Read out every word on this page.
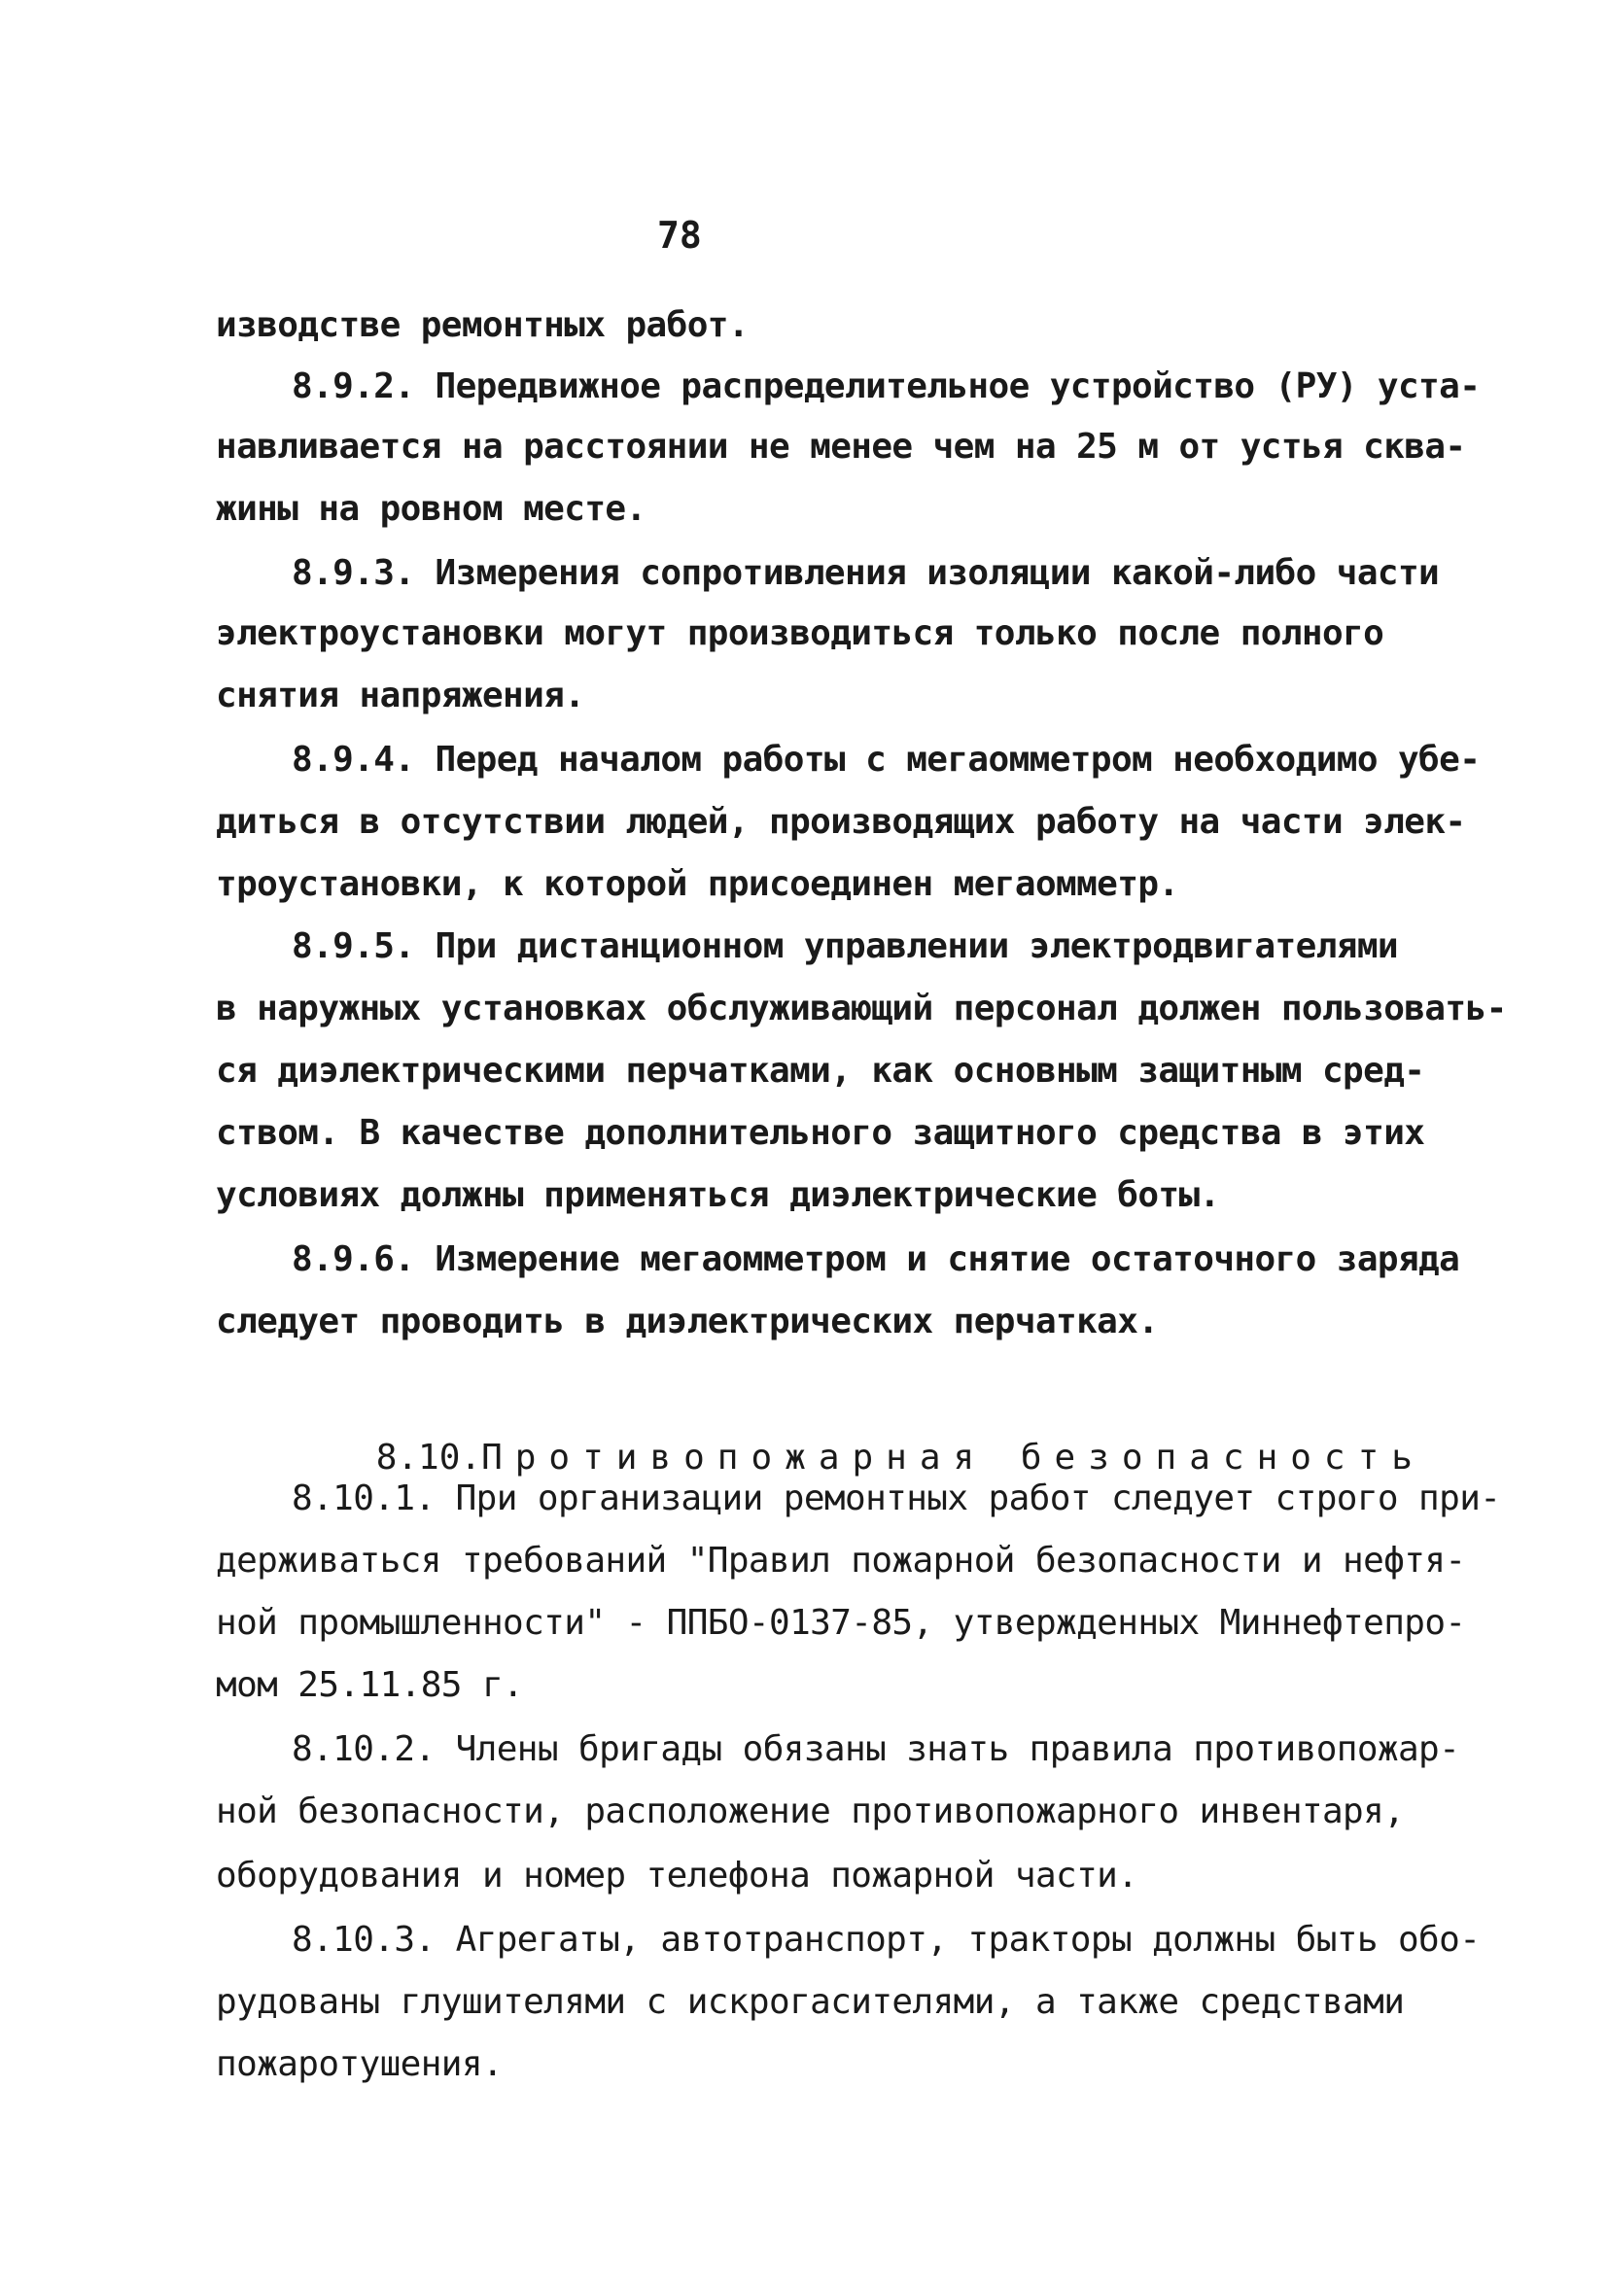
78
изводстве ремонтных работ.
8.9.2. Передвижное распределительное устройство (РУ) уста-
навливается на расстоянии не менее чем на 25 м от устья сква-
жины на ровном месте.
8.9.3. Измерения сопротивления изоляции какой-либо части
электроустановки могут производиться только после полного
снятия напряжения.
8.9.4. Перед началом работы с мегаомметром необходимо убе-
диться в отсутствии людей, производящих работу на части элек-
троустановки, к которой присоединен мегаомметр.
8.9.5. При дистанционном управлении электродвигателями
в наружных установках обслуживающий персонал должен пользовать-
ся диэлектрическими перчатками, как основным защитным сред-
ством. В качестве дополнительного защитного средства в этих
условиях должны применяться диэлектрические боты.
8.9.6. Измерение мегаомметром и снятие остаточного заряда
следует проводить в диэлектрических перчатках.

8.10.Противопожарная безопасность

8.10.1. При организации ремонтных работ следует строго при-
держиваться требований "Правил пожарной безопасности и нефтя-
ной промышленности" - ППБО-0137-85, утвержденных Миннефтепро-
мом 25.11.85 г.
8.10.2. Члены бригады обязаны знать правила противопожар-
ной безопасности, расположение противопожарного инвентаря,
оборудования и номер телефона пожарной части.
8.10.3. Агрегаты, автотранспорт, тракторы должны быть обо-
рудованы глушителями с искрогасителями, а также средствами
пожаротушения.
